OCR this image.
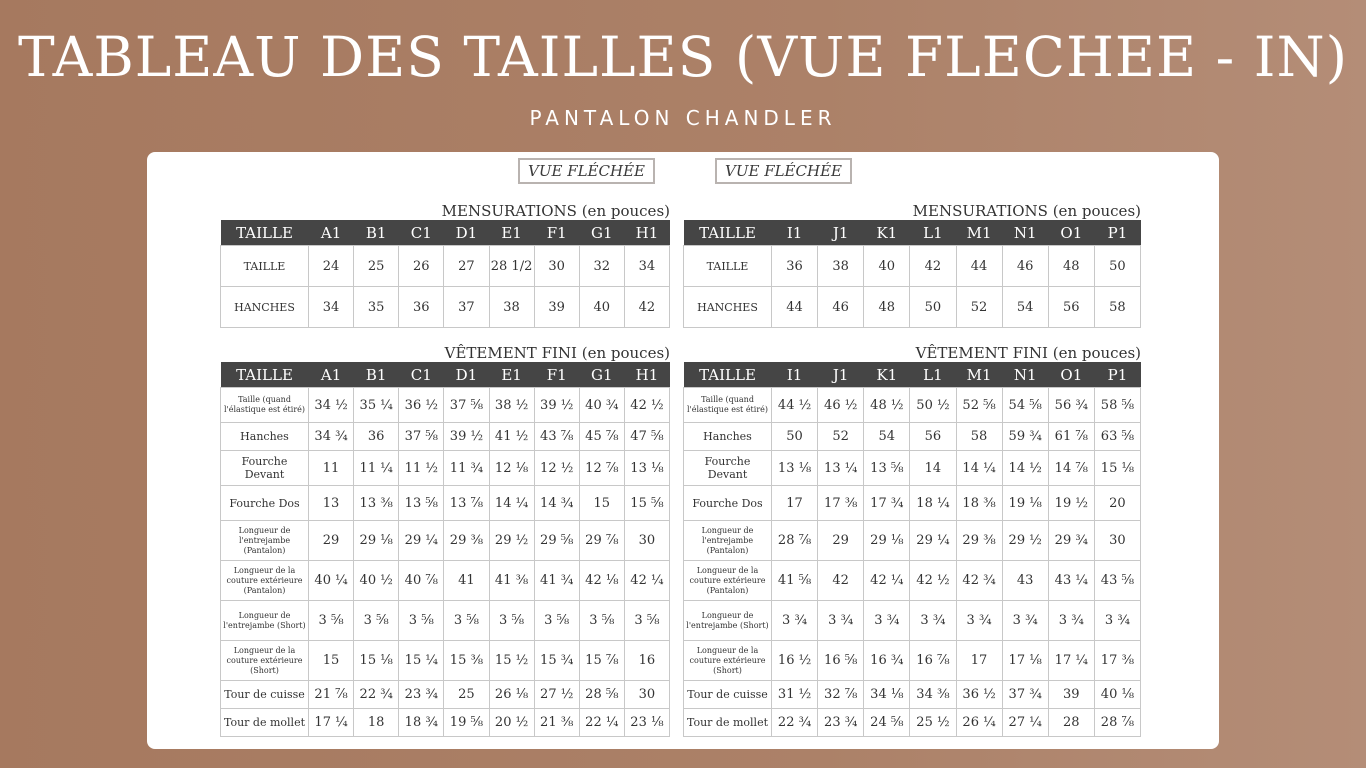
TABLEAU DES TAILLES (VUE FLECHEE - IN)
PANTALON CHANDLER
VUE FLÉCHÉE	VUE FLÉCHÉE
MENSURATIONS (en pouces)
TAILLE	A1	B1	C1	D1	E1	F1	G1	H1
TAILLE	24	25	26	27	28 1/2	30	32	34
HANCHES	34	35	36	37	38	39	40	42
MENSURATIONS (en pouces)
TAILLE	I1	J1	K1	L1	M1	N1	O1	P1
TAILLE	36	38	40	42	44	46	48	50
HANCHES	44	46	48	50	52	54	56	58
VÊTEMENT FINI (en pouces)
TAILLE	A1	B1	C1	D1	E1	F1	G1	H1
Taille (quand l'élastique est étiré)	34 ½	35 ¼	36 ½	37 ⅝	38 ½	39 ½	40 ¾	42 ½
Hanches	34 ¾	36	37 ⅝	39 ½	41 ½	43 ⅞	45 ⅞	47 ⅝
Fourche Devant	11	11 ¼	11 ½	11 ¾	12 ⅛	12 ½	12 ⅞	13 ⅛
Fourche Dos	13	13 ⅜	13 ⅝	13 ⅞	14 ¼	14 ¾	15	15 ⅝
Longueur de l'entrejambe (Pantalon)	29	29 ⅛	29 ¼	29 ⅜	29 ½	29 ⅝	29 ⅞	30
Longueur de la couture extérieure (Pantalon)	40 ¼	40 ½	40 ⅞	41	41 ⅜	41 ¾	42 ⅛	42 ¼
Longueur de l'entrejambe (Short)	3 ⅝	3 ⅝	3 ⅝	3 ⅝	3 ⅝	3 ⅝	3 ⅝	3 ⅝
Longueur de la couture extérieure (Short)	15	15 ⅛	15 ¼	15 ⅜	15 ½	15 ¾	15 ⅞	16
Tour de cuisse	21 ⅞	22 ¾	23 ¾	25	26 ⅛	27 ½	28 ⅝	30
Tour de mollet	17 ¼	18	18 ¾	19 ⅝	20 ½	21 ⅜	22 ¼	23 ⅛
VÊTEMENT FINI (en pouces)
TAILLE	I1	J1	K1	L1	M1	N1	O1	P1
Taille (quand l'élastique est étiré)	44 ½	46 ½	48 ½	50 ½	52 ⅝	54 ⅝	56 ¾	58 ⅝
Hanches	50	52	54	56	58	59 ¾	61 ⅞	63 ⅝
Fourche Devant	13 ⅛	13 ¼	13 ⅝	14	14 ¼	14 ½	14 ⅞	15 ⅛
Fourche Dos	17	17 ⅜	17 ¾	18 ¼	18 ⅜	19 ⅛	19 ½	20
Longueur de l'entrejambe (Pantalon)	28 ⅞	29	29 ⅛	29 ¼	29 ⅜	29 ½	29 ¾	30
Longueur de la couture extérieure (Pantalon)	41 ⅝	42	42 ¼	42 ½	42 ¾	43	43 ¼	43 ⅝
Longueur de l'entrejambe (Short)	3 ¾	3 ¾	3 ¾	3 ¾	3 ¾	3 ¾	3 ¾	3 ¾
Longueur de la couture extérieure (Short)	16 ½	16 ⅝	16 ¾	16 ⅞	17	17 ⅛	17 ¼	17 ⅜
Tour de cuisse	31 ½	32 ⅞	34 ⅛	34 ⅜	36 ½	37 ¾	39	40 ⅛
Tour de mollet	22 ¾	23 ¾	24 ⅝	25 ½	26 ¼	27 ¼	28	28 ⅞
